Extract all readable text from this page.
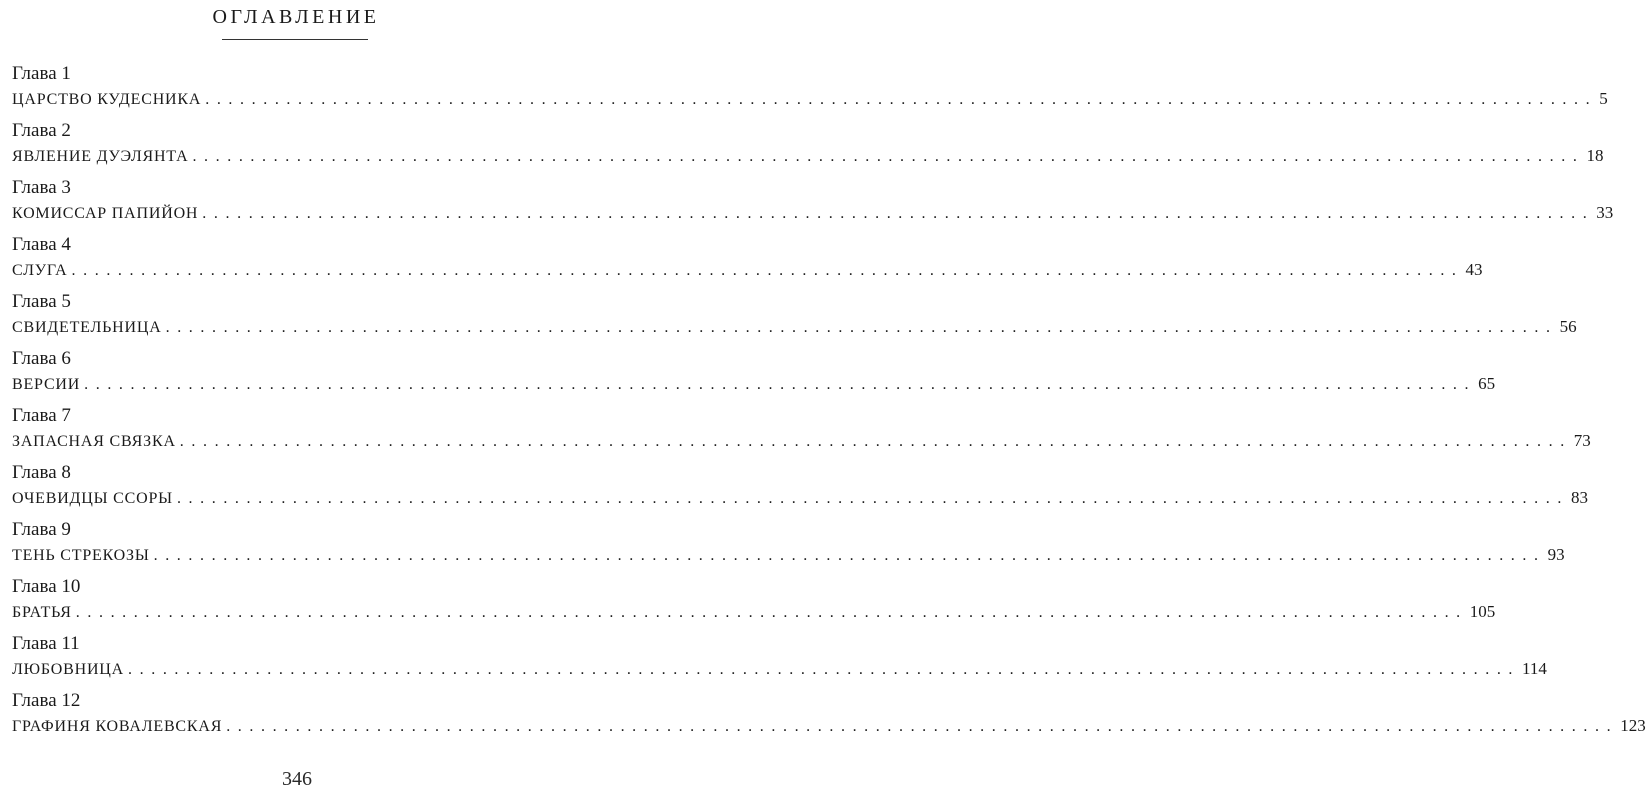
ОГЛАВЛЕНИЕ
Глава 1
ЦАРСТВО КУДЕСНИКА ........................................................................................................................ 5
Глава 2
ЯВЛЕНИЕ ДУЭЛЯНТА ........................................................................................................................ 18
Глава 3
КОМИССАР ПАПИЙОН ........................................................................................................................ 33
Глава 4
СЛУГА ........................................................................................................................ 43
Глава 5
СВИДЕТЕЛЬНИЦА ........................................................................................................................ 56
Глава 6
ВЕРСИИ ........................................................................................................................ 65
Глава 7
ЗАПАСНАЯ СВЯЗКА ........................................................................................................................ 73
Глава 8
ОЧЕВИДЦЫ ССОРЫ ........................................................................................................................ 83
Глава 9
ТЕНЬ СТРЕКОЗЫ ........................................................................................................................ 93
Глава 10
БРАТЬЯ ........................................................................................................................ 105
Глава 11
ЛЮБОВНИЦА ........................................................................................................................ 114
Глава 12
ГРАФИНЯ КОВАЛЕВСКАЯ ........................................................................................................................ 123
346
